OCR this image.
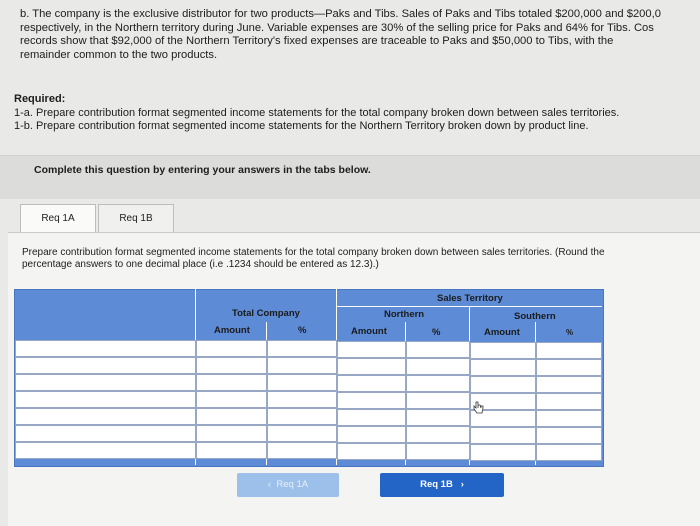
b. The company is the exclusive distributor for two products—Paks and Tibs. Sales of Paks and Tibs totaled $200,000 and $200,0
respectively, in the Northern territory during June. Variable expenses are 30% of the selling price for Paks and 64% for Tibs. Cos
records show that $92,000 of the Northern Territory's fixed expenses are traceable to Paks and $50,000 to Tibs, with the
remainder common to the two products.
Required:
1-a. Prepare contribution format segmented income statements for the total company broken down between sales territories.
1-b. Prepare contribution format segmented income statements for the Northern Territory broken down by product line.
Complete this question by entering your answers in the tabs below.
Req 1A	Req 1B
Prepare contribution format segmented income statements for the total company broken down between sales territories. (Round the
percentage answers to one decimal place (i.e .1234 should be entered as 12.3).)
Sales Territory
Total Company	Northern	Southern
Amount	%	Amount	%	Amount	%
‹  Req 1A	Req 1B   ›
